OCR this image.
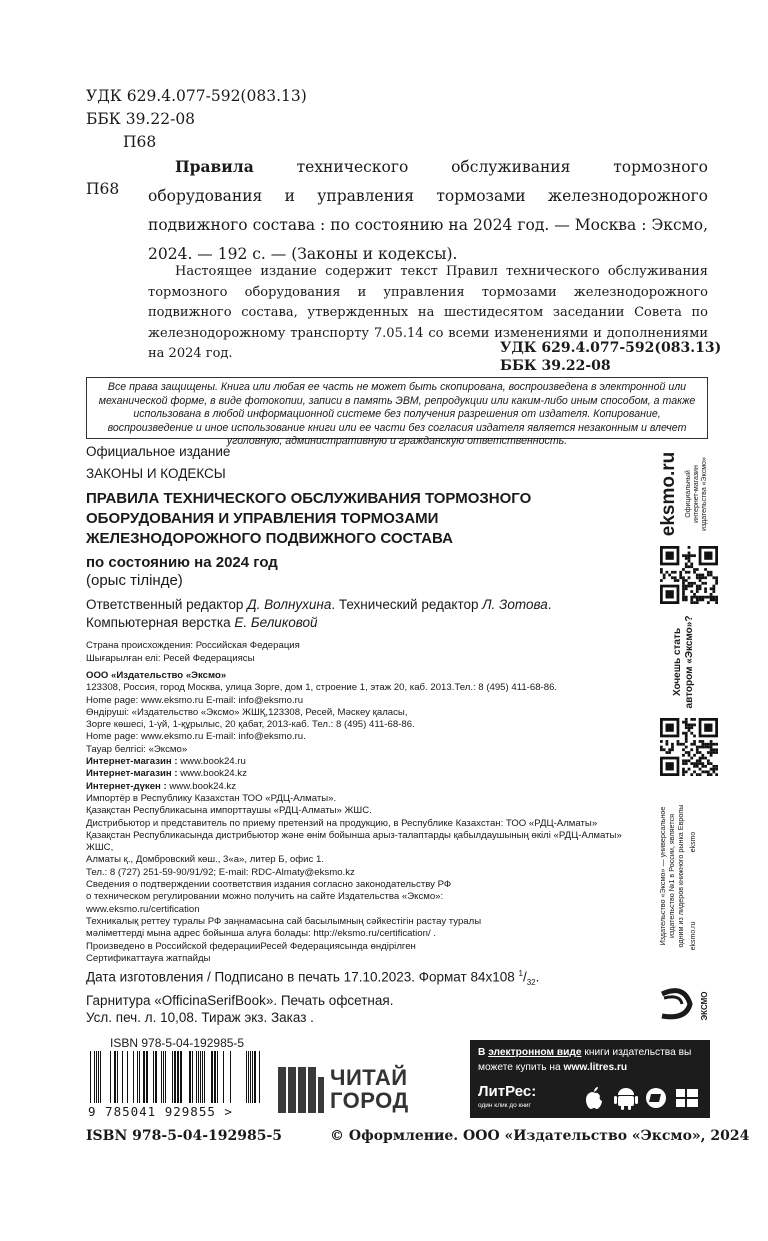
УДК 629.4.077-592(083.13)
ББК 39.22-08
П68
П68
Правила технического обслуживания тормозного оборудования и управления тормозами железнодорожного подвижного состава : по состоянию на 2024 год. — Москва : Эксмо, 2024. — 192 с. — (Законы и кодексы).
Настоящее издание содержит текст Правил технического обслуживания тормозного оборудования и управления тормозами железнодорожного подвижного состава, утвержденных на шестидесятом заседании Совета по железнодорожному транспорту 7.05.14 со всеми изменениями и дополнениями на 2024 год.	УДК 629.4.077-592(083.13)
ББК 39.22-08
Все права защищены. Книга или любая ее часть не может быть скопирована, воспроизведена в электронной или механической форме, в виде фотокопии, записи в память ЭВМ, репродукции или каким-либо иным способом, а также использована в любой информационной системе без получения разрешения от издателя. Копирование, воспроизведение и иное использование книги или ее части без согласия издателя является незаконным и влечет уголовную, административную и гражданскую ответственность.
Официальное издание
ЗАКОНЫ И КОДЕКСЫ
ПРАВИЛА ТЕХНИЧЕСКОГО ОБСЛУЖИВАНИЯ ТОРМОЗНОГО
ОБОРУДОВАНИЯ И УПРАВЛЕНИЯ ТОРМОЗАМИ
ЖЕЛЕЗНОДОРОЖНОГО ПОДВИЖНОГО СОСТАВА
по состоянию на 2024 год
(орыс тілінде)
Ответственный редактор Д. Волнухина. Технический редактор Л. Зотова.
Компьютерная верстка Е. Беликовой
Страна происхождения: Российская Федерация
Шығарылған елі: Ресей Федерациясы
ООО «Издательство «Эксмо»
123308, Россия, город Москва, улица Зорге, дом 1, строение 1, этаж 20, каб. 2013.Тел.: 8 (495) 411-68-86.
Home page: www.eksmo.ru E-mail: info@eksmo.ru
Өндіруші: «Издательство «Эксмо» ЖШҚ,123308, Ресей, Мәскеу қаласы,
Зорге көшесі, 1-үй, 1-құрылыс, 20 қабат, 2013-каб. Тел.: 8 (495) 411-68-86.
Home page: www.eksmo.ru E-mail: info@eksmo.ru.
Тауар белгісі: «Эксмо»
Интернет-магазин : www.book24.ru
Интернет-магазин : www.book24.kz
Интернет-дүкен : www.book24.kz
Импортёр в Республику Казахстан ТОО «РДЦ-Алматы».
Қазақстан Республикасына импорттаушы «РДЦ-Алматы» ЖШС.
Дистрибьютор и представитель по приему претензий на продукцию, в Республике Казахстан: ТОО «РДЦ-Алматы»
Қазақстан Республикасында дистрибьютор және өнім бойынша арыз-талаптарды қабылдаушының өкілі «РДЦ-Алматы» ЖШС,
Алматы қ., Домбровский көш., 3«а», литер Б, офис 1.
Тел.: 8 (727) 251-59-90/91/92; E-mail: RDC-Almaty@eksmo.kz
Сведения о подтверждении соответствия издания согласно законодательству РФ
о техническом регулировании можно получить на сайте Издательства «Эксмо»:
www.eksmo.ru/certification
Техникалық реттеу туралы РФ заңнамасына сай басылымның сәйкестігін растау туралы
мәліметтерді мына адрес бойынша алуға болады: http://eksmo.ru/certification/ .
Произведено в Российской федерацииРесей Федерациясында өндірілген
Сертификаттауға жатпайды
Дата изготовления / Подписано в печать 17.10.2023. Формат 84x108 $^1/_{32}$.
Гарнитура «OfficinaSerifBook». Печать офсетная.
Усл. печ. л. 10,08. Тираж экз. Заказ .
eksmo.ru Официальный интернет-магазин издательства «Эксмо»
Хочешь стать автором «Эксмо»?
Издательство «Эксмо» — универсальное издательство №1 в России, является одним из лидеров книжного рынка Европы eksmo.ru
eksmo
ЭКСМО
ISBN 978-5-04-192985-5
9 785041 929855 >
ISBN 978-5-04-192985-5
ЧИТАЙ
ГОРОД
В электронном виде книги издательства вы можете купить на www.litres.ru
ЛитРес:
один клик до книг
© Оформление. ООО «Издательство «Эксмо», 2024
